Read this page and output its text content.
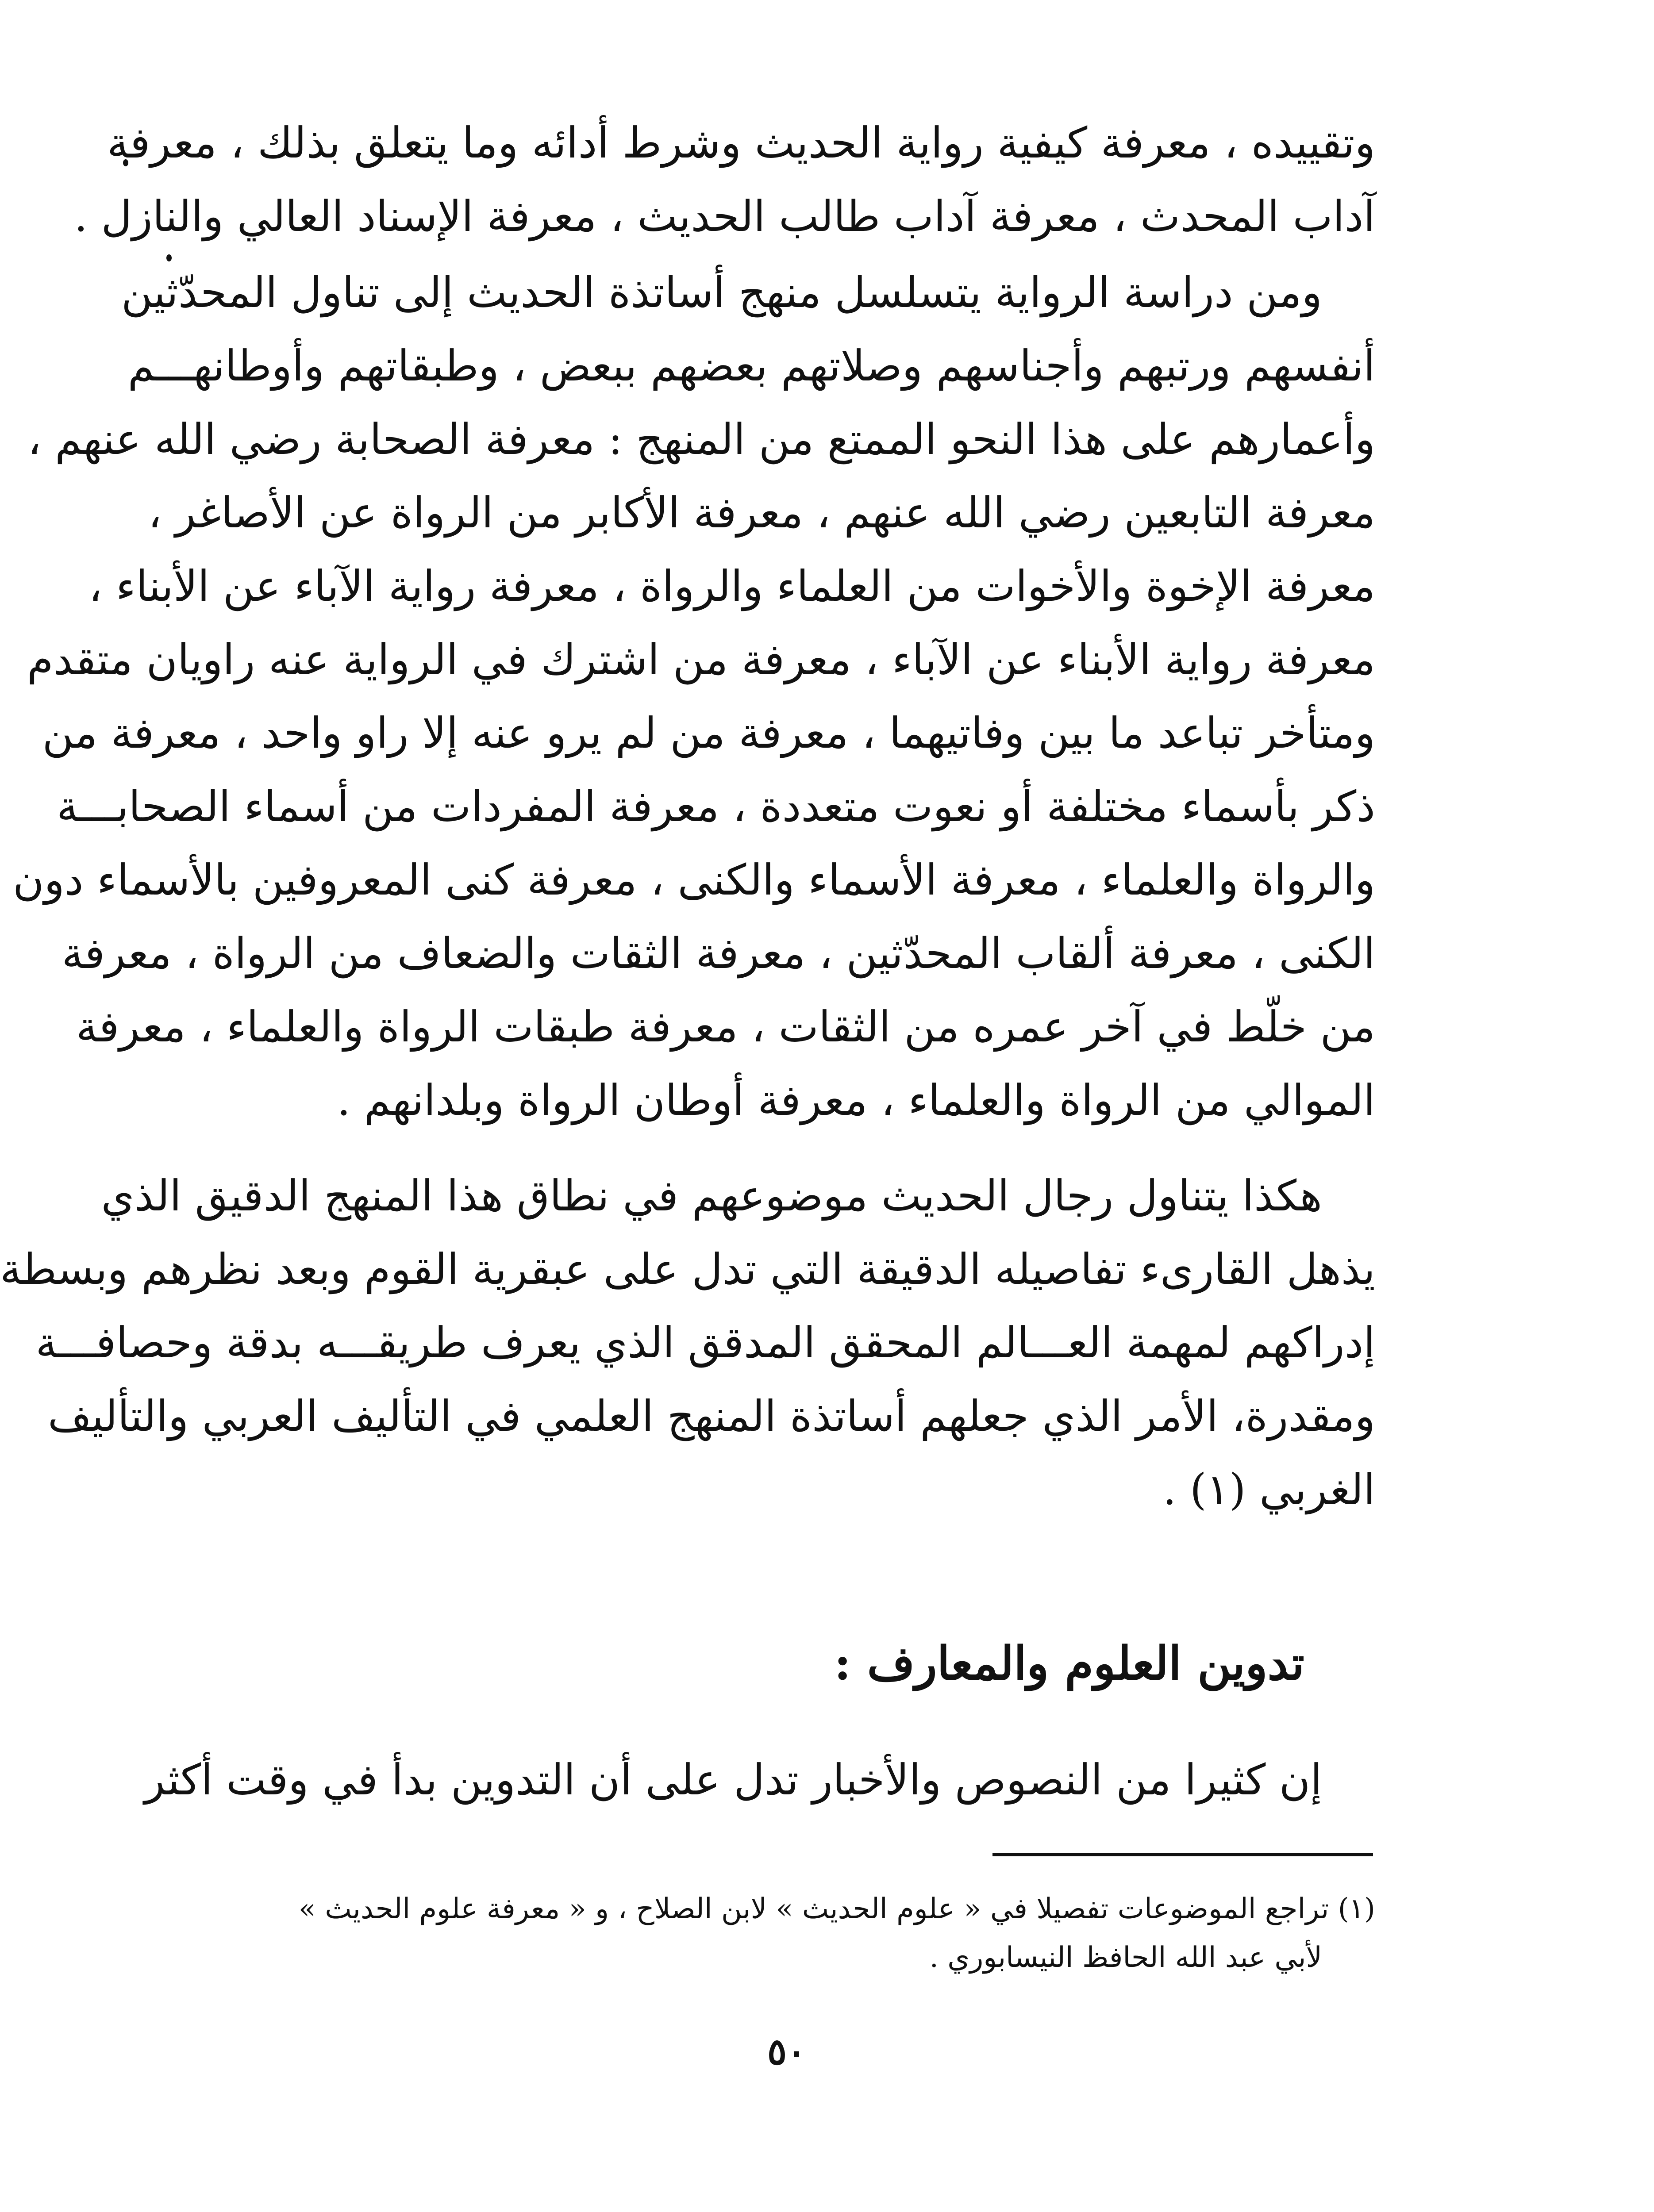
وتقييده ، معرفة كيفية رواية الحديث وشرط أدائه وما يتعلق بذلك ، معرفة
آداب المحدث ، معرفة آداب طالب الحديث ، معرفة الإسناد العالي والنازل .
ومن دراسة الرواية يتسلسل منهج أساتذة الحديث إلى تناول المحدّثين
أنفسهم ورتبهم وأجناسهم وصلاتهم بعضهم ببعض ، وطبقاتهم وأوطانهـــم
وأعمارهم على هذا النحو الممتع من المنهج : معرفة الصحابة رضي الله عنهم ،
معرفة التابعين رضي الله عنهم ، معرفة الأكابر من الرواة عن الأصاغر ،
معرفة الإخوة والأخوات من العلماء والرواة ، معرفة رواية الآباء عن الأبناء ،
معرفة رواية الأبناء عن الآباء ، معرفة من اشترك في الرواية عنه راويان متقدم
ومتأخر تباعد ما بين وفاتيهما ، معرفة من لم يرو عنه إلا راو واحد ، معرفة من
ذكر بأسماء مختلفة أو نعوت متعددة ، معرفة المفردات من أسماء الصحابـــة
والرواة والعلماء ، معرفة الأسماء والكنى ، معرفة كنى المعروفين بالأسماء دون
الكنى ، معرفة ألقاب المحدّثين ، معرفة الثقات والضعاف من الرواة ، معرفة
من خلّط في آخر عمره من الثقات ، معرفة طبقات الرواة والعلماء ، معرفة
الموالي من الرواة والعلماء ، معرفة أوطان الرواة وبلدانهم .
هكذا يتناول رجال الحديث موضوعهم في نطاق هذا المنهج الدقيق الذي
يذهل القارىء تفاصيله الدقيقة التي تدل على عبقرية القوم وبعد نظرهم وبسطة
إدراكهم لمهمة العـــالم المحقق المدقق الذي يعرف طريقـــه بدقة وحصافـــة
ومقدرة، الأمر الذي جعلهم أساتذة المنهج العلمي في التأليف العربي والتأليف
الغربي (١) .
تدوين العلوم والمعارف :
إن كثيرا من النصوص والأخبار تدل على أن التدوين بدأ في وقت أكثر
(١) تراجع الموضوعات تفصيلا في « علوم الحديث » لابن الصلاح ، و « معرفة علوم الحديث »
لأبي عبد الله الحافظ النيسابوري .
٥٠
